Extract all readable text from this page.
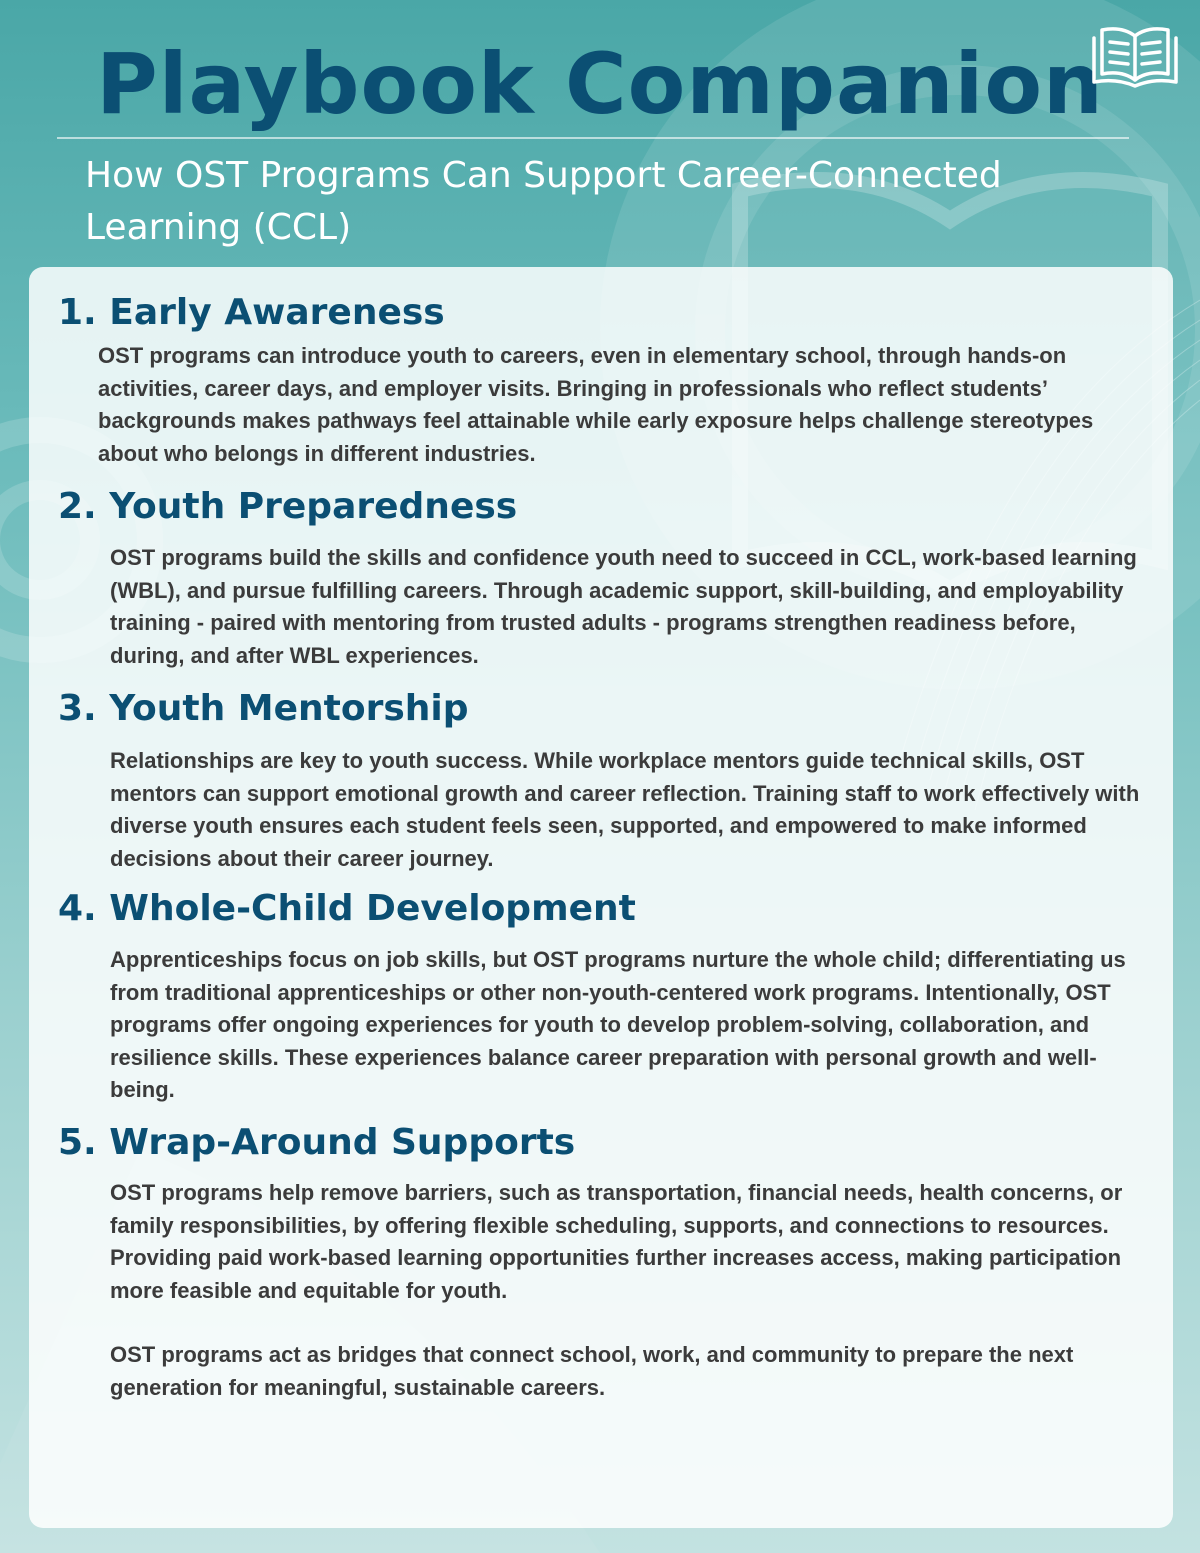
Playbook Companion
How OST Programs Can Support Career-Connected Learning (CCL)
1. Early Awareness

OST programs can introduce youth to careers, even in elementary school, through hands-on activities, career days, and employer visits. Bringing in professionals who reflect students’ backgrounds makes pathways feel attainable while early exposure helps challenge stereotypes about who belongs in different industries.

2. Youth Preparedness

OST programs build the skills and confidence youth need to succeed in CCL, work-based learning (WBL), and pursue fulfilling careers. Through academic support, skill-building, and employability training - paired with mentoring from trusted adults - programs strengthen readiness before, during, and after WBL experiences.

3. Youth Mentorship

Relationships are key to youth success. While workplace mentors guide technical skills, OST mentors can support emotional growth and career reflection. Training staff to work effectively with diverse youth ensures each student feels seen, supported, and empowered to make informed decisions about their career journey.

4. Whole-Child Development

Apprenticeships focus on job skills, but OST programs nurture the whole child; differentiating us from traditional apprenticeships or other non-youth-centered work programs. Intentionally, OST programs offer ongoing experiences for youth to develop problem-solving, collaboration, and resilience skills. These experiences balance career preparation with personal growth and well-being.

5. Wrap-Around Supports

OST programs help remove barriers, such as transportation, financial needs, health concerns, or family responsibilities, by offering flexible scheduling, supports, and connections to resources. Providing paid work-based learning opportunities further increases access, making participation more feasible and equitable for youth.

OST programs act as bridges that connect school, work, and community to prepare the next generation for meaningful, sustainable careers.
